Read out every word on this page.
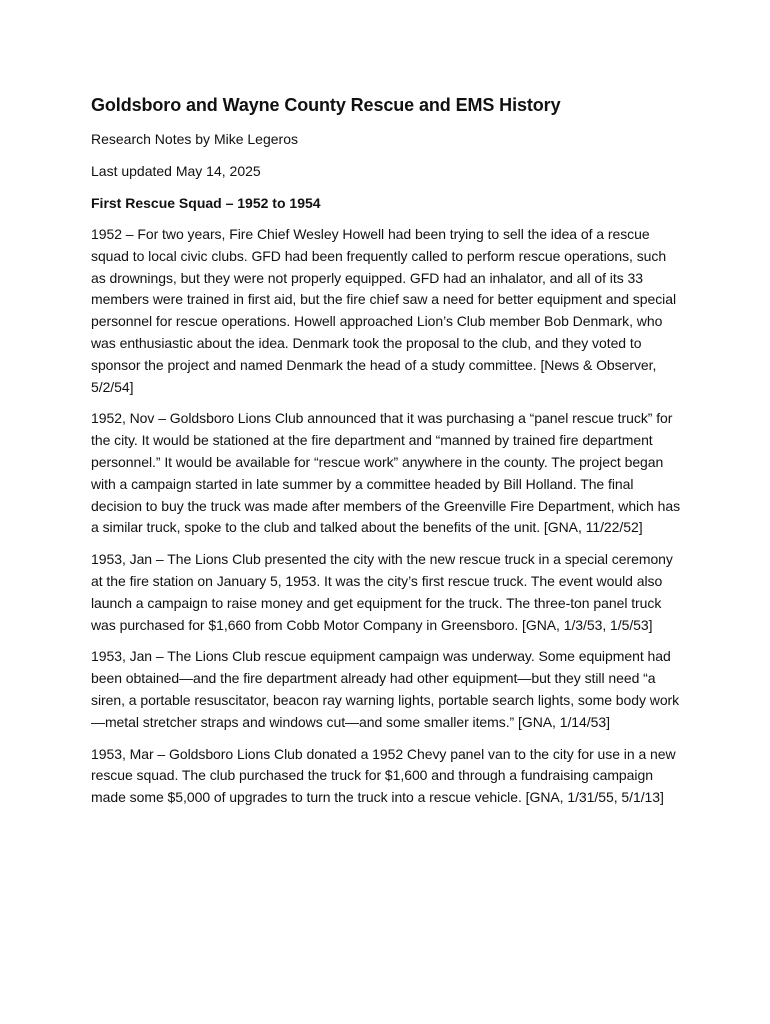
Goldsboro and Wayne County Rescue and EMS History
Research Notes by Mike Legeros
Last updated May 14, 2025
First Rescue Squad – 1952 to 1954
1952 – For two years, Fire Chief Wesley Howell had been trying to sell the idea of a rescue squad to local civic clubs. GFD had been frequently called to perform rescue operations, such as drownings, but they were not properly equipped. GFD had an inhalator, and all of its 33 members were trained in first aid, but the fire chief saw a need for better equipment and special personnel for rescue operations. Howell approached Lion’s Club member Bob Denmark, who was enthusiastic about the idea. Denmark took the proposal to the club, and they voted to sponsor the project and named Denmark the head of a study committee. [News & Observer, 5/2/54]
1952, Nov – Goldsboro Lions Club announced that it was purchasing a “panel rescue truck” for the city. It would be stationed at the fire department and “manned by trained fire department personnel.” It would be available for “rescue work” anywhere in the county. The project began with a campaign started in late summer by a committee headed by Bill Holland. The final decision to buy the truck was made after members of the Greenville Fire Department, which has a similar truck, spoke to the club and talked about the benefits of the unit. [GNA, 11/22/52]
1953, Jan – The Lions Club presented the city with the new rescue truck in a special ceremony at the fire station on January 5, 1953. It was the city’s first rescue truck. The event would also launch a campaign to raise money and get equipment for the truck. The three-ton panel truck was purchased for $1,660 from Cobb Motor Company in Greensboro. [GNA, 1/3/53, 1/5/53]
1953, Jan – The Lions Club rescue equipment campaign was underway. Some equipment had been obtained—and the fire department already had other equipment—but they still need “a siren, a portable resuscitator, beacon ray warning lights, portable search lights, some body work—metal stretcher straps and windows cut—and some smaller items.” [GNA, 1/14/53]
1953, Mar – Goldsboro Lions Club donated a 1952 Chevy panel van to the city for use in a new rescue squad. The club purchased the truck for $1,600 and through a fundraising campaign made some $5,000 of upgrades to turn the truck into a rescue vehicle. [GNA, 1/31/55, 5/1/13]
